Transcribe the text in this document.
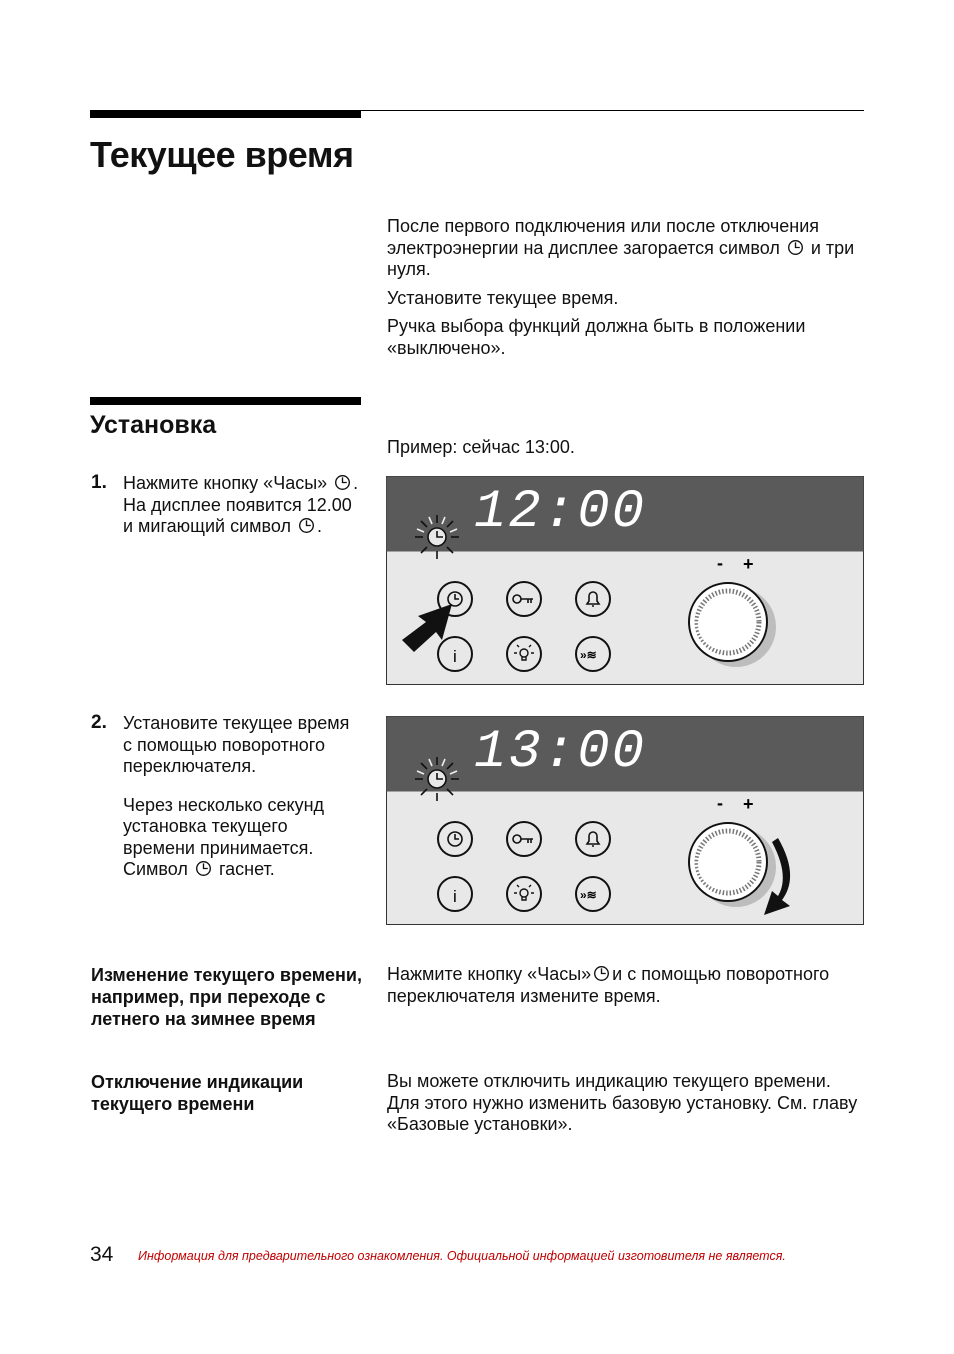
Текущее время

После первого подключения или после отключения электроэнергии на дисплее загорается символ и три нуля.

Установите текущее время.

Ручка выбора функций должна быть в положении «выключено».

Установка

Пример: сейчас 13:00.

1. Нажмите кнопку «Часы» . На дисплее появится 12.00 и мигающий символ .	12:00
i	»≋
- +
2. Установите текущее время с помощью поворотного переключателя.

Через несколько секунд установка текущего времени принимается. Символ гаснет.

13:00
i	»≋
- +

Изменение текущего времени, например, при переходе с летнего на зимнее время

Нажмите кнопку «Часы» и с помощью поворотного переключателя измените время.

Отключение индикации текущего времени

Вы можете отключить индикацию текущего времени. Для этого нужно изменить базовую установку. См. главу «Базовые установки».

34 Информация для предварительного ознакомления. Официальной информацией изготовителя не является.
